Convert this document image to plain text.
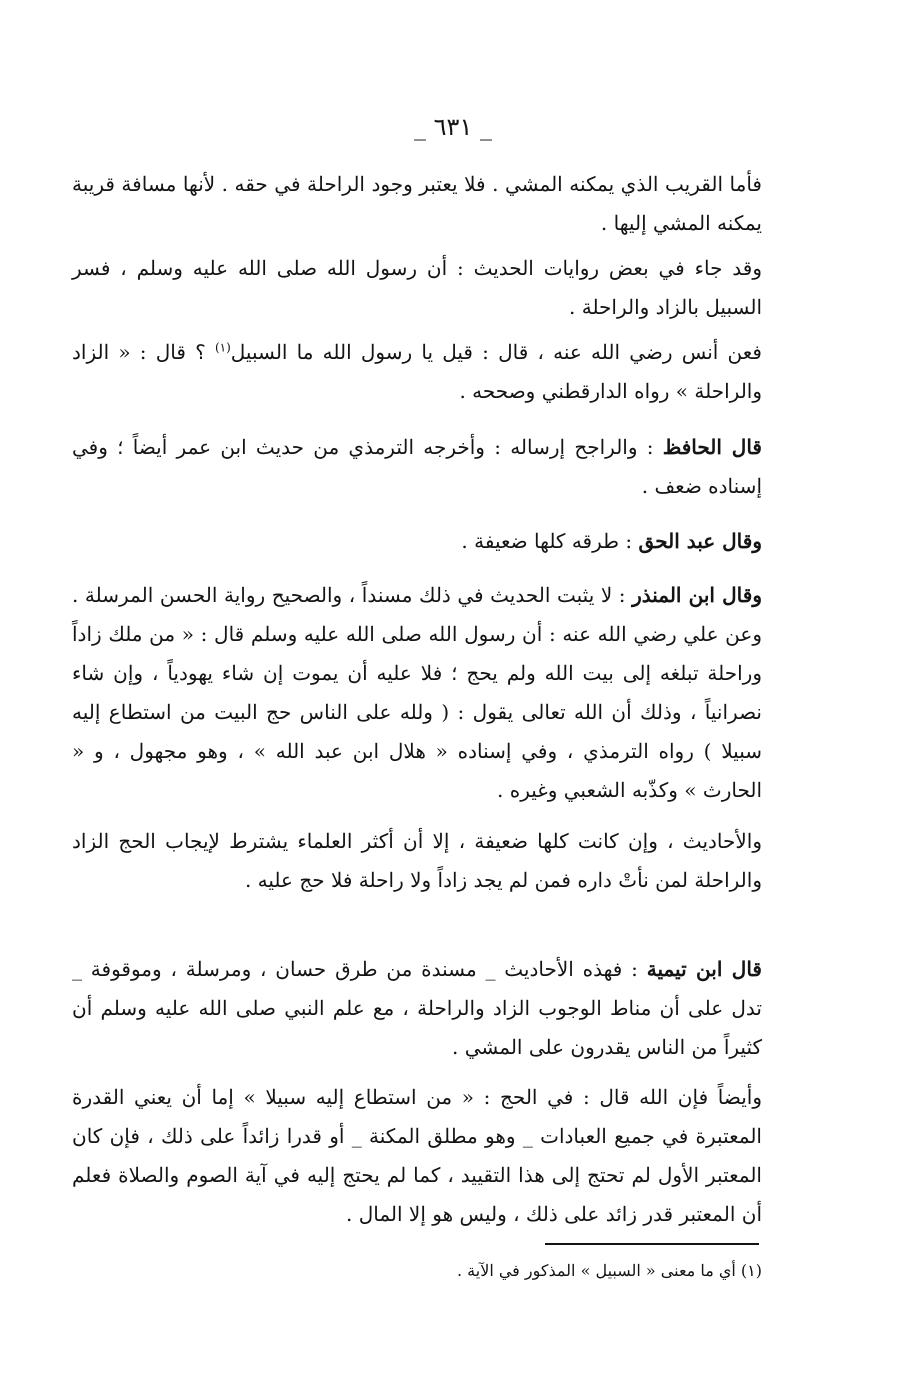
_ ٦٣١ _

فأما القريب الذي يمكنه المشي . فلا يعتبر وجود الراحلة في حقه . لأنها مسافة قريبة يمكنه المشي إليها .

وقد جاء في بعض روايات الحديث : أن رسول الله صلى الله عليه وسلم ، فسر السبيل بالزاد والراحلة .

فعن أنس رضي الله عنه ، قال : قيل يا رسول الله ما السبيل$^{(١)}$ ؟ قال : « الزاد والراحلة » رواه الدارقطني وصححه .

قال الحافظ : والراجح إرساله : وأخرجه الترمذي من حديث ابن عمر أيضاً ؛ وفي إسناده ضعف .

وقال عبد الحق : طرقه كلها ضعيفة .

وقال ابن المنذر : لا يثبت الحديث في ذلك مسنداً ، والصحيح رواية الحسن المرسلة . وعن علي رضي الله عنه : أن رسول الله صلى الله عليه وسلم قال : « من ملك زاداً وراحلة تبلغه إلى بيت الله ولم يحج ؛ فلا عليه أن يموت إن شاء يهودياً ، وإن شاء نصرانياً ، وذلك أن الله تعالى يقول : ( ولله على الناس حج البيت من استطاع إليه سبيلا ) رواه الترمذي ، وفي إسناده « هلال ابن عبد الله » ، وهو مجهول ، و « الحارث » وكذّبه الشعبي وغيره .

والأحاديث ، وإن كانت كلها ضعيفة ، إلا أن أكثر العلماء يشترط لإيجاب الحج الزاد والراحلة لمن نأتْ داره فمن لم يجد زاداً ولا راحلة فلا حج عليه .

قال ابن تيمية : فهذه الأحاديث _ مسندة من طرق حسان ، ومرسلة ، وموقوفة _ تدل على أن مناط الوجوب الزاد والراحلة ، مع علم النبي صلى الله عليه وسلم أن كثيراً من الناس يقدرون على المشي .

وأيضاً فإن الله قال : في الحج : « من استطاع إليه سبيلا » إما أن يعني القدرة المعتبرة في جميع العبادات _ وهو مطلق المكنة _ أو قدرا زائداً على ذلك ، فإن كان المعتبر الأول لم تحتج إلى هذا التقييد ، كما لم يحتج إليه في آية الصوم والصلاة فعلم أن المعتبر قدر زائد على ذلك ، وليس هو إلا المال .

(١) أي ما معنى « السبيل » المذكور في الآية .
